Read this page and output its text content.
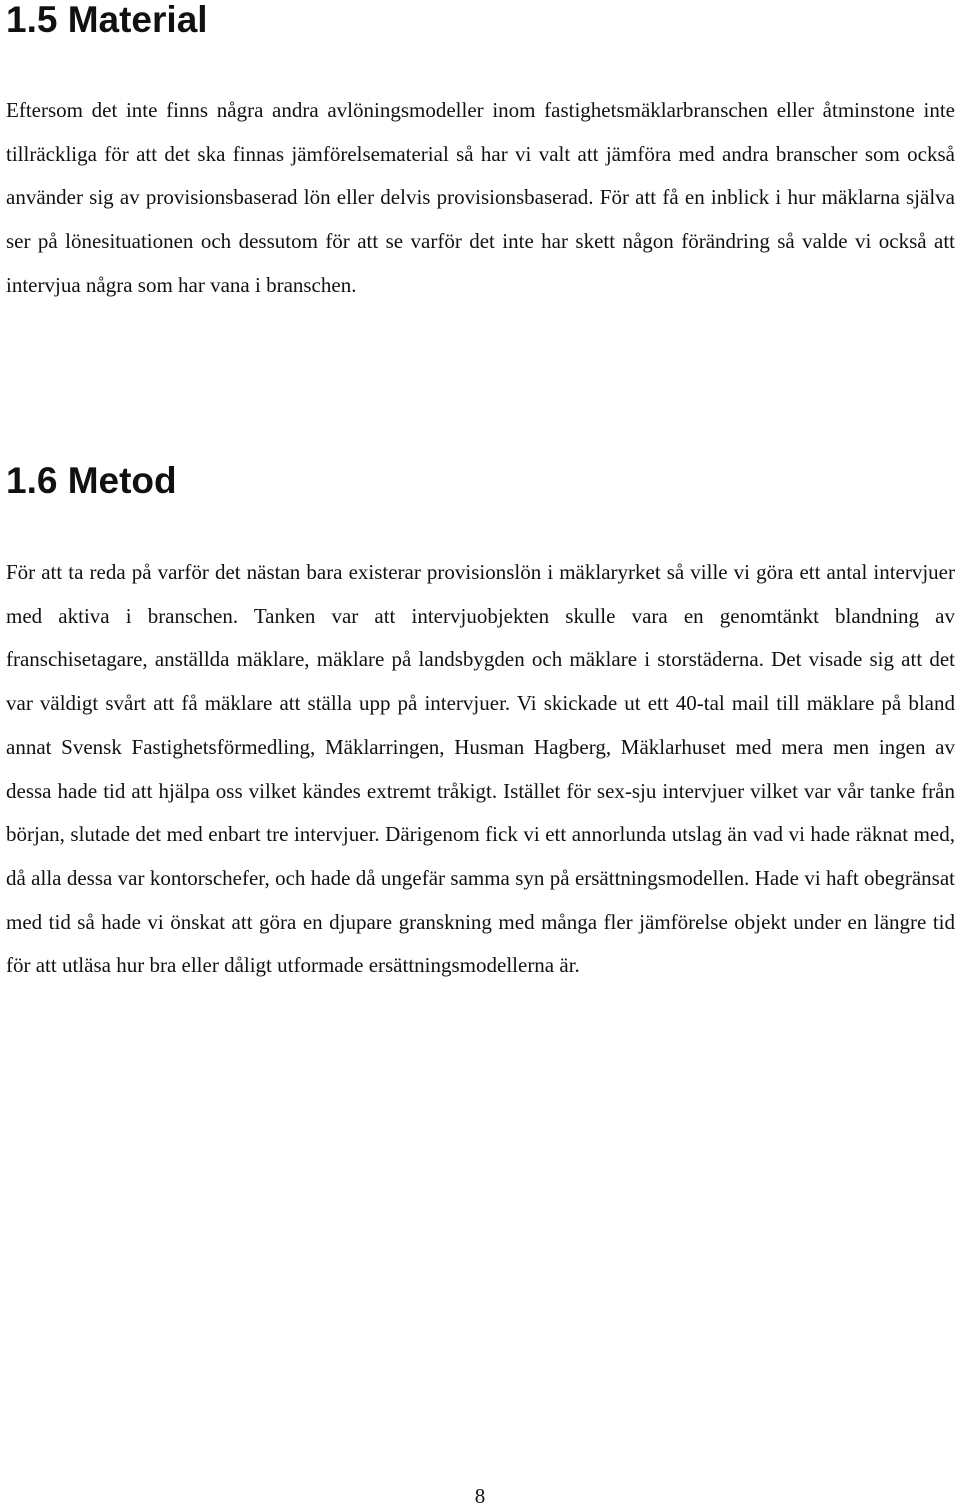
1.5 Material

Eftersom det inte finns några andra avlöningsmodeller inom fastighetsmäklarbranschen eller åtminstone inte tillräckliga för att det ska finnas jämförelsematerial så har vi valt att jämföra med andra branscher som också använder sig av provisionsbaserad lön eller delvis provisionsbaserad. För att få en inblick i hur mäklarna själva ser på lönesituationen och dessutom för att se varför det inte har skett någon förändring så valde vi också att intervjua några som har vana i branschen.

1.6 Metod

För att ta reda på varför det nästan bara existerar provisionslön i mäklaryrket så ville vi göra ett antal intervjuer med aktiva i branschen. Tanken var att intervjuobjekten skulle vara en genomtänkt blandning av franschisetagare, anställda mäklare, mäklare på landsbygden och mäklare i storstäderna. Det visade sig att det var väldigt svårt att få mäklare att ställa upp på intervjuer. Vi skickade ut ett 40-tal mail till mäklare på bland annat Svensk Fastighetsförmedling, Mäklarringen, Husman Hagberg, Mäklarhuset med mera men ingen av dessa hade tid att hjälpa oss vilket kändes extremt tråkigt. Istället för sex-sju intervjuer vilket var vår tanke från början, slutade det med enbart tre intervjuer. Därigenom fick vi ett annorlunda utslag än vad vi hade räknat med, då alla dessa var kontorschefer, och hade då ungefär samma syn på ersättningsmodellen. Hade vi haft obegränsat med tid så hade vi önskat att göra en djupare granskning med många fler jämförelse objekt under en längre tid för att utläsa hur bra eller dåligt utformade ersättningsmodellerna är.

8
